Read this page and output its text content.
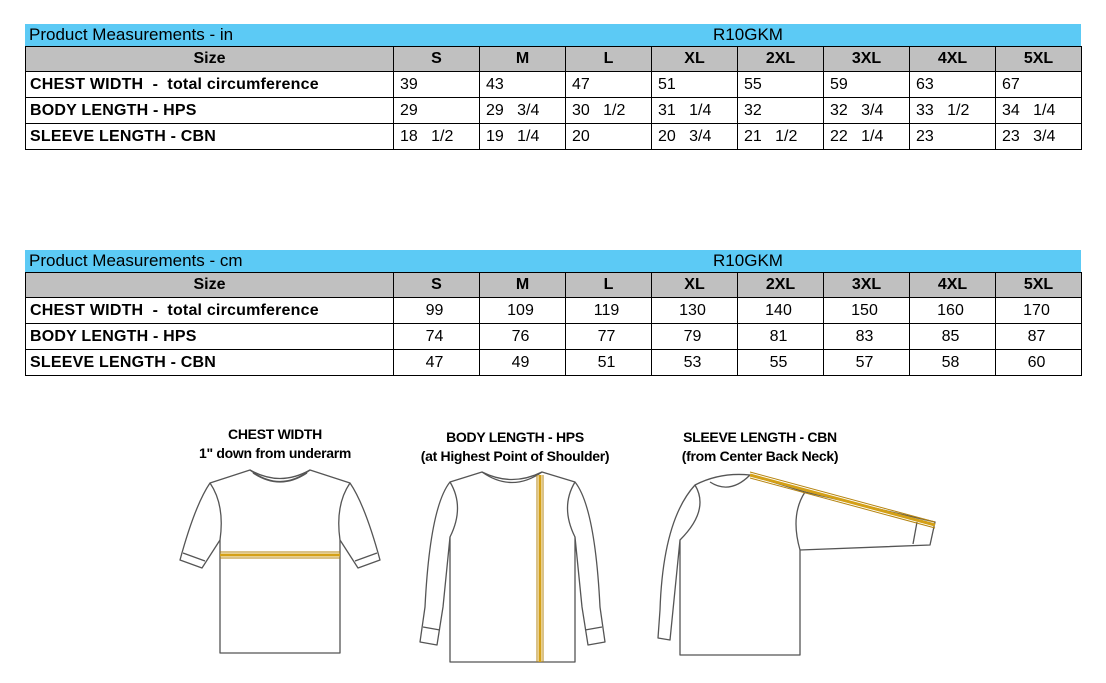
Product Measurements - in	R10GKM
Size	S	M	L	XL	2XL	3XL	4XL	5XL
CHEST WIDTH  -  total circumference	39	43	47	51	55	59	63	67
BODY LENGTH - HPS	29	29   3/4	30   1/2	31   1/4	32	32   3/4	33   1/2	34   1/4
SLEEVE LENGTH - CBN	18   1/2	19   1/4	20	20   3/4	21   1/2	22   1/4	23	23   3/4
Product Measurements - cm	R10GKM
Size	S	M	L	XL	2XL	3XL	4XL	5XL
CHEST WIDTH  -  total circumference	99	109	119	130	140	150	160	170
BODY LENGTH - HPS	74	76	77	79	81	83	85	87
SLEEVE LENGTH - CBN	47	49	51	53	55	57	58	60
CHEST WIDTH
1" down from underarm
BODY LENGTH - HPS
(at Highest Point of Shoulder)
SLEEVE LENGTH - CBN
(from Center Back Neck)
